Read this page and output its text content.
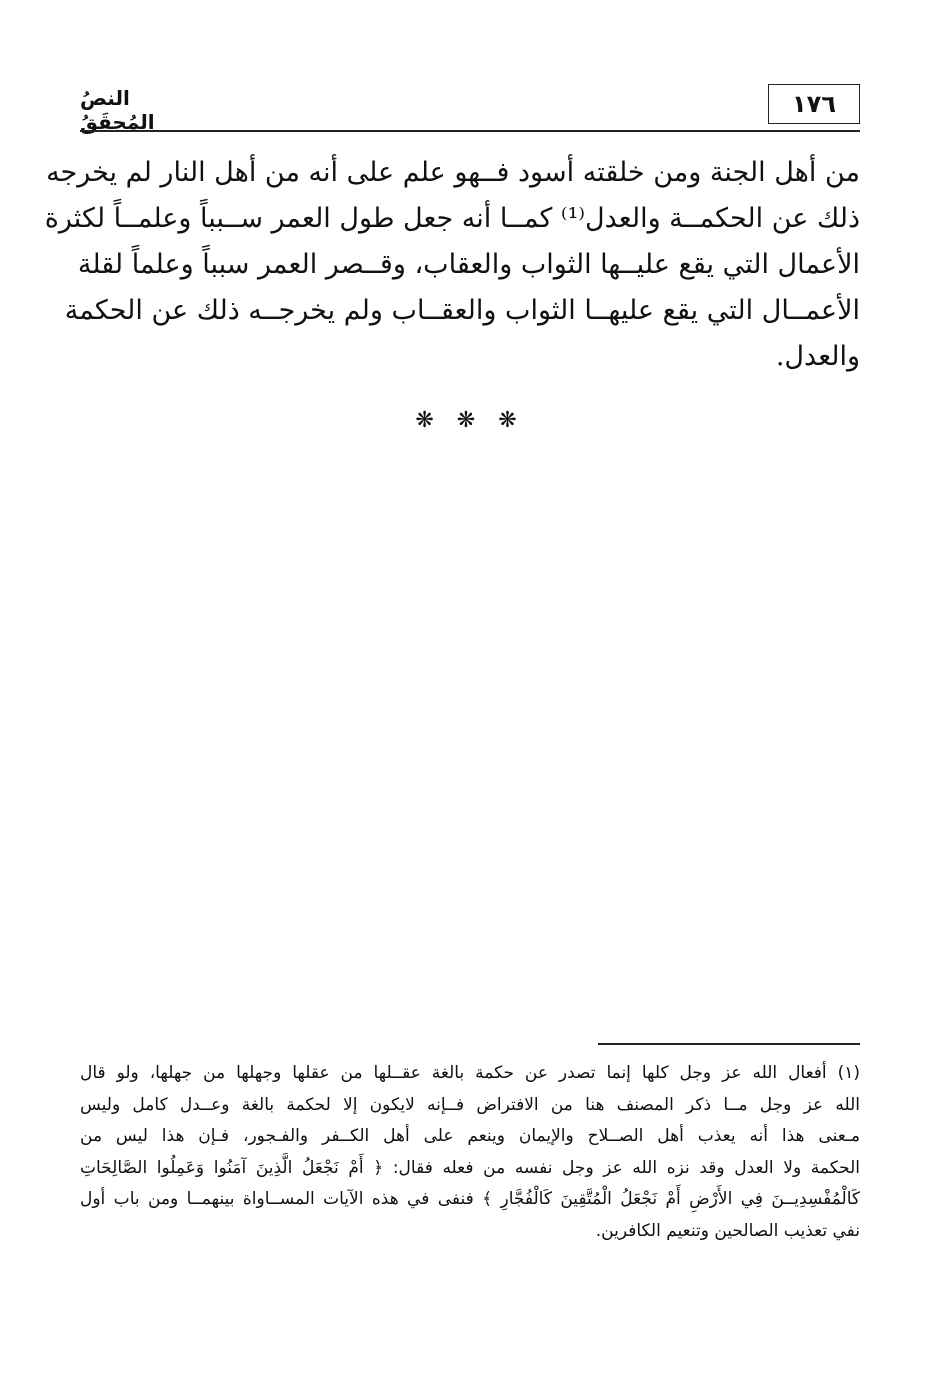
١٧٦
النصُ المُحقَقُ
من أهل الجنة ومن خلقته أسود فــهو علم على أنه من أهل النار لم يخرجه
ذلك عن الحكمــة والعدل⁽¹⁾ كمــا أنه جعل طول العمر ســبباً وعلمــاً لكثرة
الأعمال التي يقع عليــها الثواب والعقاب، وقــصر العمر سبباً وعلماً لقلة
الأعمــال التي يقع عليهــا الثواب والعقــاب ولم يخرجــه ذلك عن الحكمة
والعدل.
❋ ❋ ❋
(١) أفعال الله عز وجل كلها إنما تصدر عن حكمة بالغة عقــلها من عقلها وجهلها من جهلها، ولو قال
الله عز وجل مــا ذكر المصنف هنا من الافتراض فــإنه لايكون إلا لحكمة بالغة وعــدل كامل وليس
مـعنى هذا أنه يعذب أهل الصــلاح والإيمان وينعم على أهل الكــفر والفـجور، فـإن هذا ليس من
الحكمة ولا العدل وقد نزه الله عز وجل نفسه من فعله فقال: ﴿ أَمْ نَجْعَلُ الَّذِينَ آمَنُوا وَعَمِلُوا الصَّالِحَاتِ
كَالْمُفْسِدِيــنَ فِي الأَرْضِ أَمْ نَجْعَلُ الْمُتَّقِينَ كَالْفُجَّارِ ﴾ فنفى في هذه الآيات المســاواة بينهمــا ومن باب أول
نفي تعذيب الصالحين وتنعيم الكافرين.
